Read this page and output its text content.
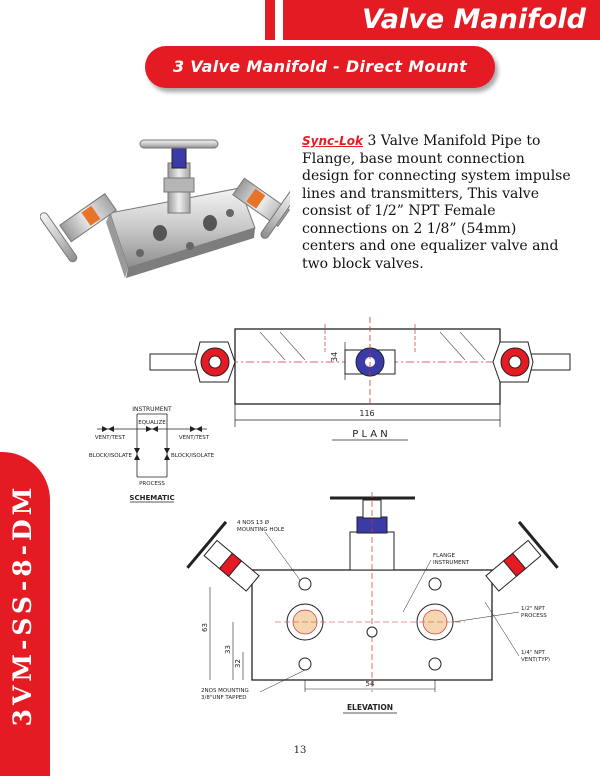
Valve Manifold
3 Valve Manifold - Direct Mount
3VM-SS-8-DM
Sync-Lok 3 Valve Manifold Pipe to Flange, base mount connection design for connecting system impulse lines and transmitters, This valve consist of 1/2” NPT Female connections on 2 1/8” (54mm) centers and one equalizer valve and two block valves.
34
116
P L A N
INSTRUMENT
EQUALIZE
VENT/TEST	VENT/TEST
BLOCK/ISOLATE	BLOCK/ISOLATE
PROCESS
SCHEMATIC
63
33
32
54
4 NOS 13 Ø
MOUNTING HOLE
FLANGE
INSTRUMENT
1/2" NPT
PROCESS
1/4" NPT
VENT(TYP)
2NOS MOUNTING
3/8"UNF TAPPED
ELEVATION
13
